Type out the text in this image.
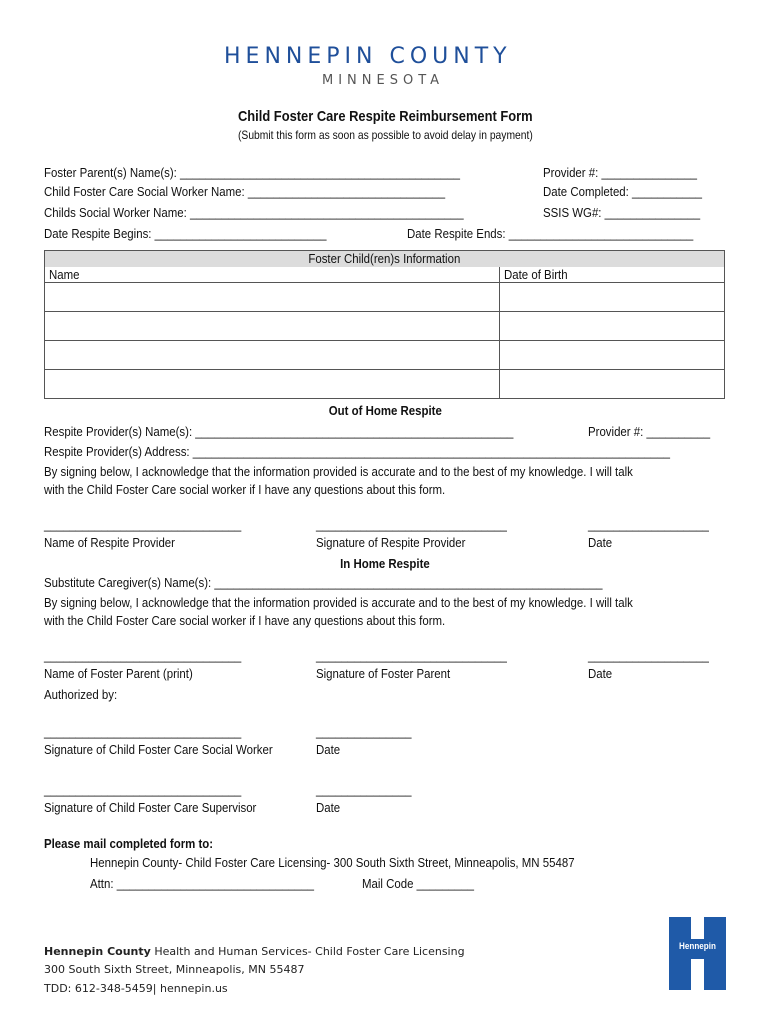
HENNEPIN COUNTY
MINNESOTA
Child Foster Care Respite Reimbursement Form
(Submit this form as soon as possible to avoid delay in payment)
Foster Parent(s) Name(s): ____________________________________________	Provider #: _______________
Child Foster Care Social Worker Name: _______________________________	Date Completed: ___________
Childs Social Worker Name: ___________________________________________	SSIS WG#: _______________
Date Respite Begins: ___________________________	Date Respite Ends: _____________________________
Foster Child(ren)s Information	
Name	Date of Birth

Out of Home Respite
Respite Provider(s) Name(s): __________________________________________________	Provider #: __________
Respite Provider(s) Address: ___________________________________________________________________________
By signing below, I acknowledge that the information provided is accurate and to the best of my knowledge. I will talk
with the Child Foster Care social worker if I have any questions about this form.
_______________________________	______________________________	___________________
Name of Respite Provider	Signature of Respite Provider	Date
In Home Respite
Substitute Caregiver(s) Name(s): _____________________________________________________________
By signing below, I acknowledge that the information provided is accurate and to the best of my knowledge. I will talk
with the Child Foster Care social worker if I have any questions about this form.
_______________________________	______________________________	___________________
Name of Foster Parent (print)	Signature of Foster Parent	Date
Authorized by:
_______________________________	_______________
Signature of Child Foster Care Social Worker	Date
_______________________________	_______________
Signature of Child Foster Care Supervisor	Date
Please mail completed form to:
Hennepin County- Child Foster Care Licensing- 300 South Sixth Street, Minneapolis, MN 55487
Attn: _______________________________	Mail Code _________
Hennepin County Health and Human Services- Child Foster Care Licensing
300 South Sixth Street, Minneapolis, MN 55487
TDD: 612-348-5459| hennepin.us
Hennepin
